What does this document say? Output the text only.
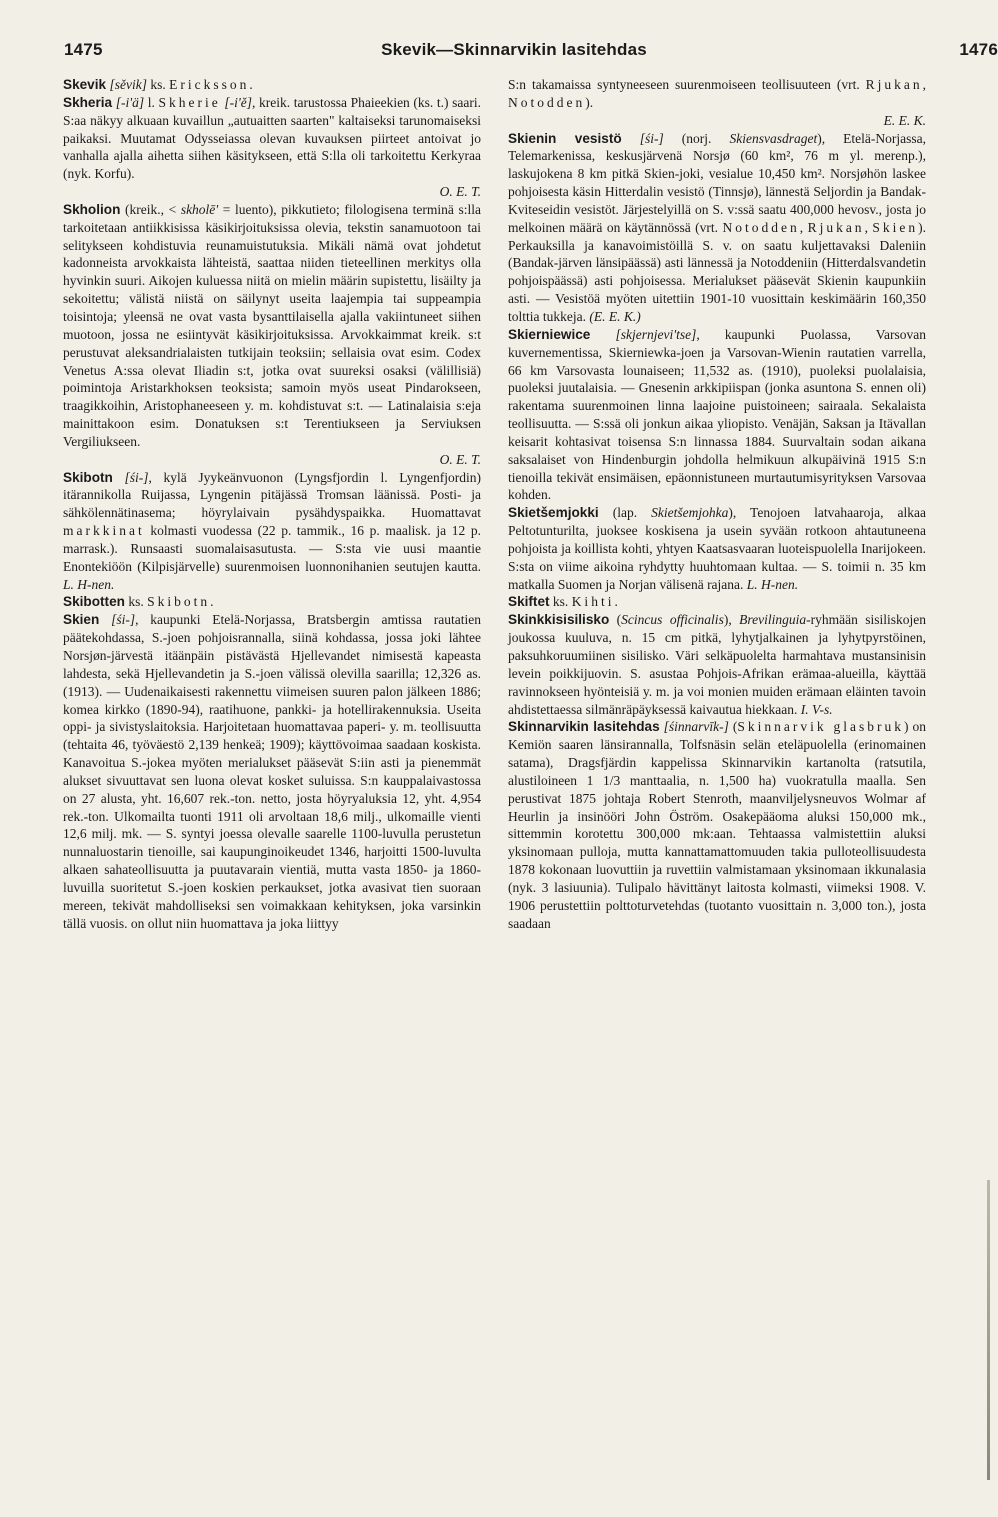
1475	Skevik—Skinnarvikin lasitehdas	1476

Skevik [sěvik] ks. Ericksson.

Skheria [-i'ä] l. Skherie [-i'ě], kreik. tarustossa Phaieekien (ks. t.) saari. S:aa näkyy alkuaan kuvaillun „autuaitten saarten" kaltaiseksi tarunomaiseksi paikaksi. Muutamat Odysseiassa olevan kuvauksen piirteet antoivat jo vanhalla ajalla aihetta siihen käsitykseen, että S:lla oli tarkoitettu Kerkyraa (nyk. Korfu).

O. E. T.

Skholion (kreik., < skholē' = luento), pikkutieto; filologisena terminä s:lla tarkoitetaan antiikkisissa käsikirjoituksissa olevia, tekstin sanamuotoon tai selitykseen kohdistuvia reunamuistutuksia. Mikäli nämä ovat johdetut kadonneista arvokkaista lähteistä, saattaa niiden tieteellinen merkitys olla hyvinkin suuri. Aikojen kuluessa niitä on mielin määrin supistettu, lisäilty ja sekoitettu; välistä niistä on säilynyt useita laajempia tai suppeampia toisintoja; yleensä ne ovat vasta bysanttilaisella ajalla vakiintuneet siihen muotoon, jossa ne esiintyvät käsikirjoituksissa. Arvokkaimmat kreik. s:t perustuvat aleksandrialaisten tutkijain teoksiin; sellaisia ovat esim. Codex Venetus A:ssa olevat Iliadin s:t, jotka ovat suureksi osaksi (välillisiä) poimintoja Aristarkhoksen teoksista; samoin myös useat Pindarokseen, traagikkoihin, Aristophaneeseen y. m. kohdistuvat s:t. — Latinalaisia s:eja mainittakoon esim. Donatuksen s:t Terentiukseen ja Serviuksen Vergiliukseen.

O. E. T.

Skibotn [śi-], kylä Jyykeänvuonon (Lyngsfjordin l. Lyngenfjordin) itärannikolla Ruijassa, Lyngenin pitäjässä Tromsan läänissä. Posti- ja sähkölennätinasema; höyrylaivain pysähdyspaikka. Huomattavat markkinat kolmasti vuodessa (22 p. tammik., 16 p. maalisk. ja 12 p. marrask.). Runsaasti suomalaisasutusta. — S:sta vie uusi maantie Enontekiöön (Kilpisjärvelle) suurenmoisen luonnonihanien seutujen kautta. L. H-nen.

Skibotten ks. Skibotn.

Skien [śi-], kaupunki Etelä-Norjassa, Bratsbergin amtissa rautatien päätekohdassa, S.-joen pohjoisrannalla, siinä kohdassa, jossa joki lähtee Norsjøn-järvestä itäänpäin pistävästä Hjellevandet nimisestä kapeasta lahdesta, sekä Hjellevandetin ja S.-joen välissä olevilla saarilla; 12,326 as. (1913). — Uudenaikaisesti rakennettu viimeisen suuren palon jälkeen 1886; komea kirkko (1890-94), raatihuone, pankki- ja hotellirakennuksia. Useita oppi- ja sivistyslaitoksia. Harjoitetaan huomattavaa paperi- y. m. teollisuutta (tehtaita 46, työväestö 2,139 henkeä; 1909); käyttövoimaa saadaan koskista. Kanavoitua S.-jokea myöten merialukset pääsevät S:iin asti ja pienemmät alukset sivuuttavat sen luona olevat kosket suluissa. S:n kauppalaivastossa on 27 alusta, yht. 16,607 rek.-ton. netto, josta höyryaluksia 12, yht. 4,954 rek.-ton. Ulkomailta tuonti 1911 oli arvoltaan 18,6 milj., ulkomaille vienti 12,6 milj. mk. — S. syntyi joessa olevalle saarelle 1100-luvulla perustetun nunnaluostarin tienoille, sai kaupunginoikeudet 1346, harjoitti 1500-luvulta alkaen sahateollisuutta ja puutavarain vientiä, mutta vasta 1850- ja 1860-luvuilla suoritetut S.-joen koskien perkaukset, jotka avasivat tien suoraan mereen, tekivät mahdolliseksi sen voimakkaan kehityksen, joka varsinkin tällä vuosis. on ollut niin huomattava ja joka liittyy

S:n takamaissa syntyneeseen suurenmoiseen teollisuuteen (vrt. Rjukan, Notodden).

E. E. K.

Skienin vesistö [śi-] (norj. Skiensvasdraget), Etelä-Norjassa, Telemarkenissa, keskusjärvenä Norsjø (60 km², 76 m yl. merenp.), laskujokena 8 km pitkä Skien-joki, vesialue 10,450 km². Norsjøhön laskee pohjoisesta käsin Hitterdalin vesistö (Tinnsjø), lännestä Seljordin ja Bandak-Kviteseidin vesistöt. Järjestelyillä on S. v:ssä saatu 400,000 hevosv., josta jo melkoinen määrä on käytännössä (vrt. Notodden, Rjukan, Skien). Perkauksilla ja kanavoimistöillä S. v. on saatu kuljettavaksi Daleniin (Bandak-järven länsipäässä) asti lännessä ja Notoddeniin (Hitterdalsvandetin pohjoispäässä) asti pohjoisessa. Merialukset pääsevät Skienin kaupunkiin asti. — Vesistöä myöten uitettiin 1901-10 vuosittain keskimäärin 160,350 tolttia tukkeja. (E. E. K.)

Skierniewice [skjernjevi'tse], kaupunki Puolassa, Varsovan kuvernementissa, Skierniewka-joen ja Varsovan-Wienin rautatien varrella, 66 km Varsovasta lounaiseen; 11,532 as. (1910), puoleksi puolalaisia, puoleksi juutalaisia. — Gnesenin arkkipiispan (jonka asuntona S. ennen oli) rakentama suurenmoinen linna laajoine puistoineen; sairaala. Sekalaista teollisuutta. — S:ssä oli jonkun aikaa yliopisto. Venäjän, Saksan ja Itävallan keisarit kohtasivat toisensa S:n linnassa 1884. Suurvaltain sodan aikana saksalaiset von Hindenburgin johdolla helmikuun alkupäivinä 1915 S:n tienoilla tekivät ensimäisen, epäonnistuneen murtautumisyrityksen Varsovaa kohden.

Skietšemjokki (lap. Skietšemjohka), Tenojoen latvahaaroja, alkaa Peltotunturilta, juoksee koskisena ja usein syvään rotkoon ahtautuneena pohjoista ja koillista kohti, yhtyen Kaatsasvaaran luoteispuolella Inarijokeen. S:sta on viime aikoina ryhdytty huuhtomaan kultaa. — S. toimii n. 35 km matkalla Suomen ja Norjan välisenä rajana. L. H-nen.

Skiftet ks. Kihti.

Skinkkisisilisko (Scincus officinalis), Brevilinguia-ryhmään sisiliskojen joukossa kuuluva, n. 15 cm pitkä, lyhytjalkainen ja lyhytpyrstöinen, paksuhkoruumiinen sisilisko. Väri selkäpuolelta harmahtava mustansinisin levein poikkijuovin. S. asustaa Pohjois-Afrikan erämaa-alueilla, käyttää ravinnokseen hyönteisiä y. m. ja voi monien muiden erämaan eläinten tavoin ahdistettaessa silmänräpäyksessä kaivautua hiekkaan. I. V-s.

Skinnarvikin lasitehdas [śinnarvīk-] (Skinnarvik glasbruk) on Kemiön saaren länsirannalla, Tolfsnäsin selän eteläpuolella (erinomainen satama), Dragsfjärdin kappelissa Skinnarvikin kartanolta (ratsutila, alustiloineen 1 1/3 manttaalia, n. 1,500 ha) vuokratulla maalla. Sen perustivat 1875 johtaja Robert Stenroth, maanviljelysneuvos Wolmar af Heurlin ja insinööri John Öström. Osakepääoma aluksi 150,000 mk., sittemmin korotettu 300,000 mk:aan. Tehtaassa valmistettiin aluksi yksinomaan pulloja, mutta kannattamattomuuden takia pulloteollisuudesta 1878 kokonaan luovuttiin ja ruvettiin valmistamaan yksinomaan ikkunalasia (nyk. 3 lasiuunia). Tulipalo hävittänyt laitosta kolmasti, viimeksi 1908. V. 1906 perustettiin polttoturvetehdas (tuotanto vuosittain n. 3,000 ton.), josta saadaan
